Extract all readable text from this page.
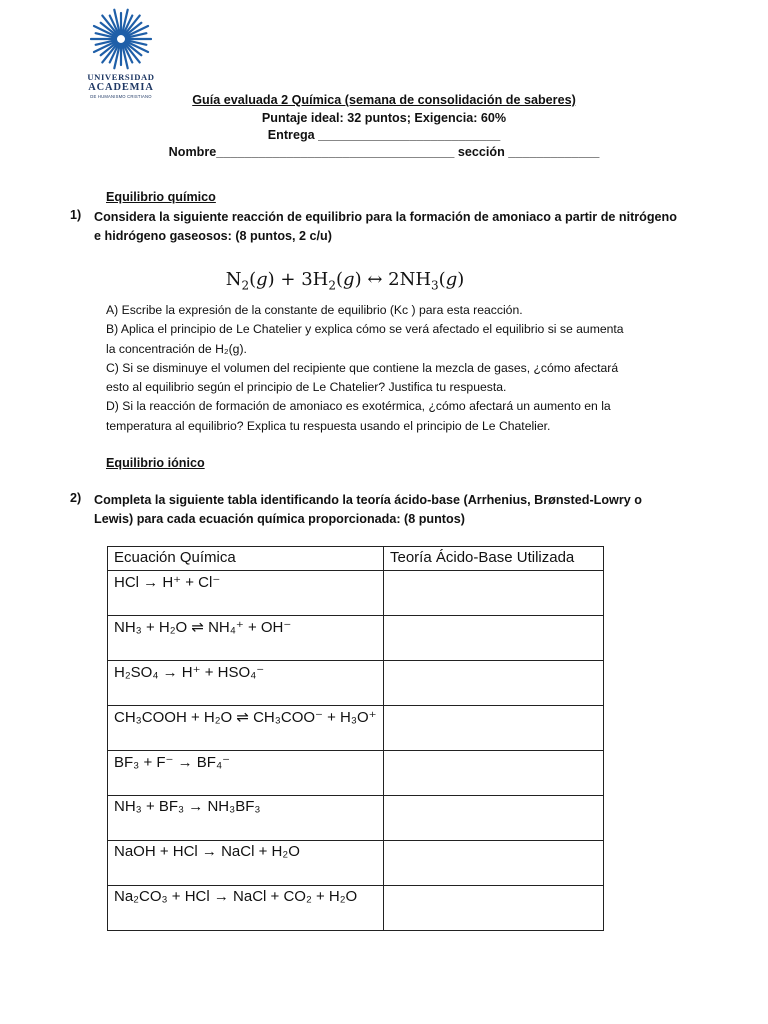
UNIVERSIDAD
ACADEMIA
DE HUMANISMO CRISTIANO	Guía evaluada 2 Química (semana de consolidación de saberes)
Puntaje ideal: 32 puntos; Exigencia: 60%
Entrega __________________________
Nombre__________________________________ sección _____________
Equilibrio químico
1) Considera la siguiente reacción de equilibrio para la formación de amoniaco a partir de nitrógeno e hidrógeno gaseosos: (8 puntos, 2 c/u)
$N_2(g) + 3H_2(g)$ ↔ $2NH_3(g)$

A) Escribe la expresión de la constante de equilibrio (Kc ) para esta reacción.

B) Aplica el principio de Le Chatelier y explica cómo se verá afectado el equilibrio si se aumenta la concentración de H₂(g).

C) Si se disminuye el volumen del recipiente que contiene la mezcla de gases, ¿cómo afectará esto al equilibrio según el principio de Le Chatelier? Justifica tu respuesta.

D) Si la reacción de formación de amoniaco es exotérmica, ¿cómo afectará un aumento en la temperatura al equilibrio? Explica tu respuesta usando el principio de Le Chatelier.

Equilibrio iónico
2) Completa la siguiente tabla identificando la teoría ácido-base (Arrhenius, Brønsted-Lowry o Lewis) para cada ecuación química proporcionada: (8 puntos)
Ecuación Química	Teoría Ácido-Base Utilizada
HCl → H⁺ + Cl⁻	
NH₃ + H₂O ⇌ NH₄⁺ + OH⁻	
H₂SO₄ → H⁺ + HSO₄⁻	
CH₃COOH + H₂O ⇌ CH₃COO⁻ + H₃O⁺	
BF₃ + F⁻ → BF₄⁻	
NH₃ + BF₃ → NH₃BF₃	
NaOH + HCl → NaCl + H₂O	
Na₂CO₃ + HCl → NaCl + CO₂ + H₂O	
